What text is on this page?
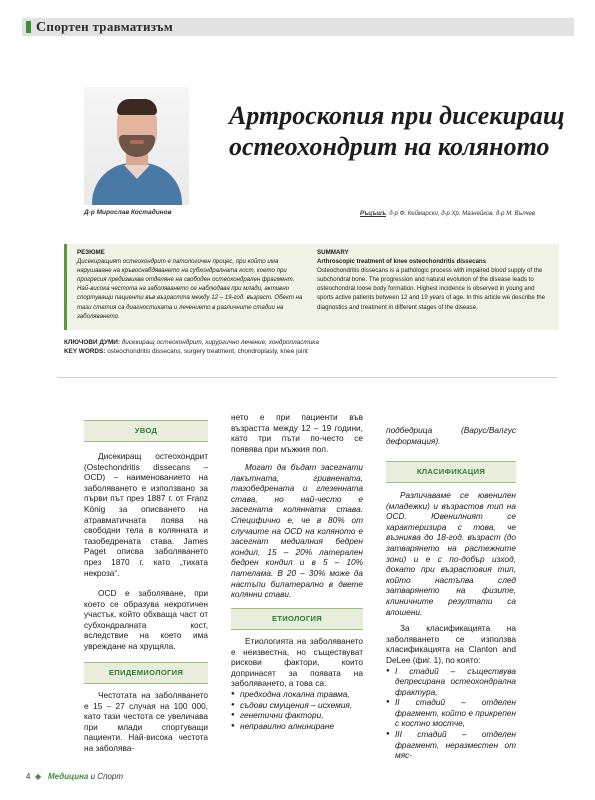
Спортен травматизъм
Д-р Мирослав Костадинов
Артроскопия при дисекиращ
остеохондрит на коляното
Ръцъшъ: д-р Ф. Кеймарски, д-р Хр. Мазнейков, д-р М. Вълчев
РЕЗЮМЕ
Дисекиращият остеохондрит е патологичен процес, при който има нарушаване на кръвоснабдяването на субхондралната кост, което при прогресия предизвиква отделяне на свободен остеохондрален фрагмент. Най-висока честота на заболяването се наблюдава при млади, активно спортуващи пациенти във възрастта между 12 – 19-год. възраст. Обект на тази статия са диагностиката и лечението в различните стадии на заболяването.
SUMMARY
Arthroscopic treatment of knee osteochondritis dissecans
Osteochondritis dissecans is a pathologic process with impaired blood supply of the subchondral bone. The progression and natural evolution of the disease leads to osteochondral loose body formation. Highest incidence is observed in young and sports active patients between 12 and 19 years of age. In this article we describe the diagnostics and treatment in different stages of the disease.
КЛЮЧОВИ ДУМИ: дисекиращ остеохондрит, хирургично лечение, хондропластика
KEY WORDS: osteochondritis dissecans, surgery treatment, chondroplasty, knee joint
УВОД
ЕПИДЕМИОЛОГИЯ
ЕТИОЛОГИЯ
КЛАСИФИКАЦИЯ

Дисекиращ остеохондрит (Ostechondritis dissecans – OCD) – наименованието на заболяването е използвано за първи път през 1887 г. от Franz König за описването на атравматичната поява на свободни тела в колянната и тазобедрената става. James Paget описва заболяването през 1870 г. като „тихата некроза“.

OCD е заболяване, при което се образува некротичен участък, който обхваща част от субхондралната кост, вследствие на което има увреждане на хрущяла.

Честотата на заболяването е 15 – 27 случая на 100 000, като тази честота се увеличава при млади спортуващи пациенти. Най-висока честота на заболява-

нето е при пациенти във възрастта между 12 – 19 години, като три пъти по-често се появява при мъжкия пол.

Могат да бъдат засегнати лакътната, гривнената, тазобедрената и глезенната става, но най-често е засегната колянната става. Специфично е, че в 80% от случаите на OCD на коляното е засегнат медиалния бедрен кондил, 15 – 20% латерален бедрен кондил и в 5 – 10% пателама. В 20 – 30% може да настъпи билатерално в двете колянни стави.

Етиологията на заболяването е неизвестна, но съществуват рискови фактори, които допринасят за появата на заболяването, а това са:

● предходна локална травма,
● съдови смущения – исхемия,
● генетични фактори,
● неправилно алниниране

подбедрица (Варус/Валгус деформация).

Различаваме се ювенилен (младежки) и възрастов тип на OCD. Ювенилният се характеризира с това, че възниква до 18-год. възраст (до затварянето на растежните зони) и е с по-добър изход, докато при възрастовия тип, който настъпва след затварянето на физите, клиничните резултати са влошени.

За класификацията на заболяването се използва класификацията на Clanton and DeLee (фиг. 1), по която:

● I стадий – съществува депресирана остеохондрална фрактура,
● II стадий – отделен фрагмент, който е прикрепен с костно мостче,
● III стадий – отделен фрагмент, неразместен от мяс-
4 ◆ Медицина и Спорт
